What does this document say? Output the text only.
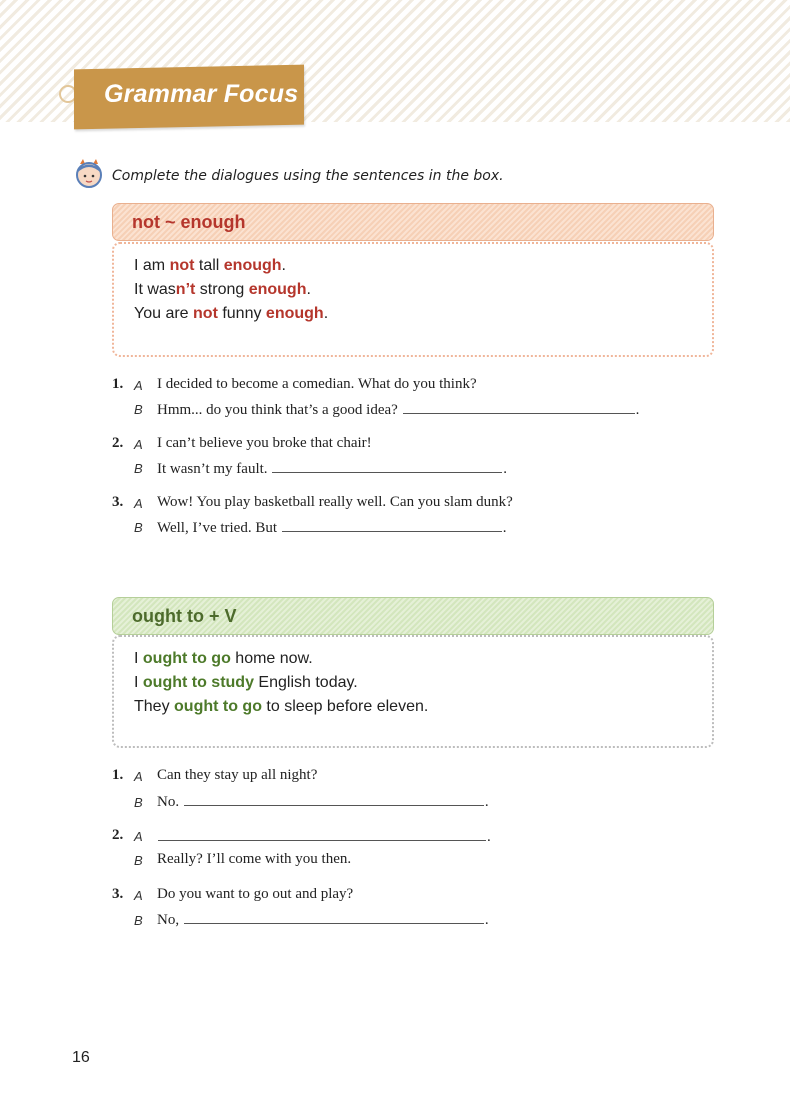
Grammar Focus
Complete the dialogues using the sentences in the box.
not ~ enough
I am not tall enough.
It wasn’t strong enough.
You are not funny enough.
1. A I decided to become a comedian. What do you think?
B Hmm... do you think that’s a good idea?	.
2. A I can’t believe you broke that chair!
B It wasn’t my fault.	.
3. A Wow! You play basketball really well. Can you slam dunk?
B Well, I’ve tried. But	.
ought to + V
I ought to go home now.
I ought to study English today.
They ought to go to sleep before eleven.
1. A Can they stay up all night?
B No.	.
2. A	.
B Really? I’ll come with you then.
3. A Do you want to go out and play?
B No,	.
16
